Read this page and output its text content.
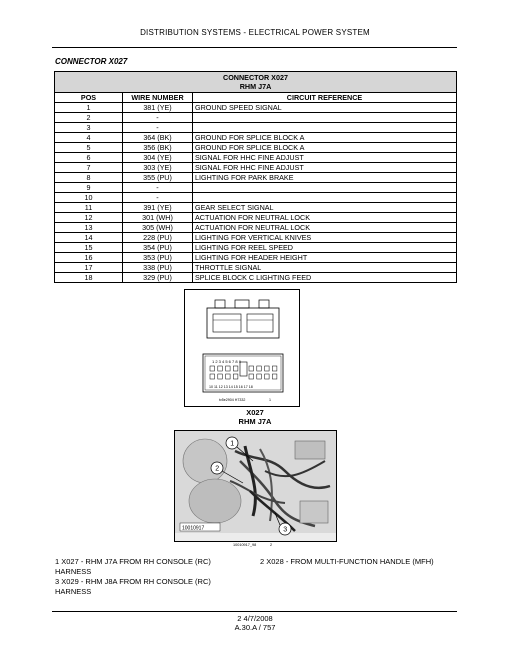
DISTRIBUTION SYSTEMS - ELECTRICAL POWER SYSTEM
CONNECTOR X027
CONNECTOR X027
RHM J7A		

POS	WIRE NUMBER	CIRCUIT REFERENCE
1	381 (YE)	GROUND SPEED SIGNAL
2	-	
3	-	
4	364 (BK)	GROUND FOR SPLICE BLOCK A
5	356 (BK)	GROUND FOR SPLICE BLOCK A
6	304 (YE)	SIGNAL FOR HHC FINE ADJUST
7	303 (YE)	SIGNAL FOR HHC FINE ADJUST
8	355 (PU)	LIGHTING FOR PARK BRAKE
9	-	
10	-	
11	391 (YE)	GEAR SELECT SIGNAL
12	301 (WH)	ACTUATION FOR NEUTRAL LOCK
13	305 (WH)	ACTUATION FOR NEUTRAL LOCK
14	228 (PU)	LIGHTING FOR VERTICAL KNIVES
15	354 (PU)	LIGHTING FOR REEL SPEED
16	353 (PU)	LIGHTING FOR HEADER HEIGHT
17	338 (PU)	THROTTLE SIGNAL
18	329 (PU)	SPLICE BLOCK C LIGHTING FEED
1 2 3 4 5 6 7 8 9
10 11 12 13 14 15 16 17 18
tv5e2904 H7332	1
X027
RHM J7A
10010917
1
2
3
10010917_98	2
1 X027 - RHM J7A FROM RH CONSOLE (RC) HARNESS
2 X028 - FROM MULTI-FUNCTION HANDLE (MFH)
3 X029 - RHM J8A FROM RH CONSOLE (RC) HARNESS
2 4/7/2008
A.30.A / 757
